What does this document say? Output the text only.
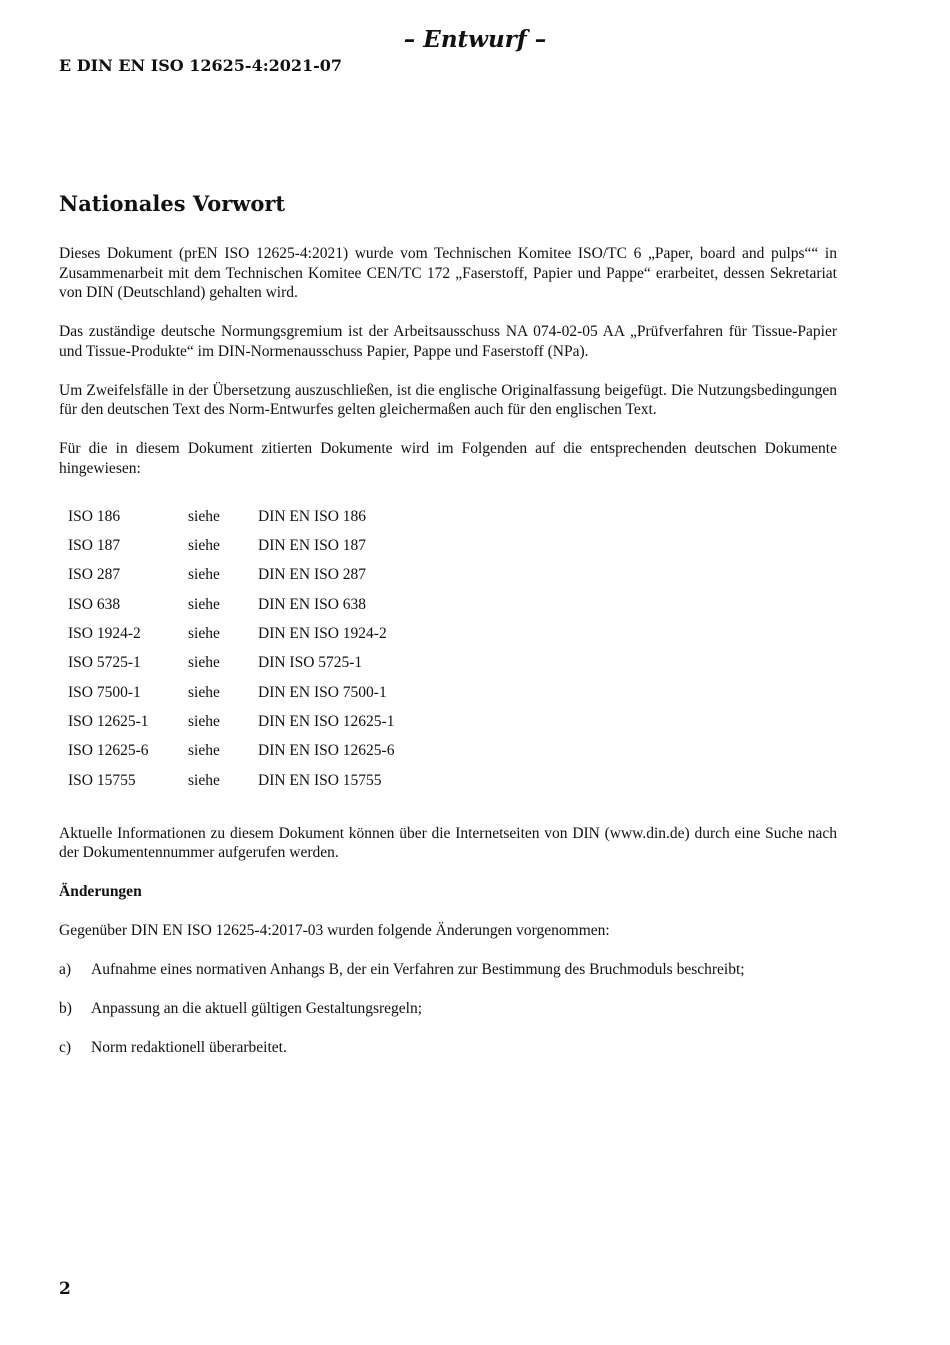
– Entwurf –
E DIN EN ISO 12625-4:2021-07
Nationales Vorwort

Dieses Dokument (prEN ISO 12625-4:2021) wurde vom Technischen Komitee ISO/TC 6 „Paper, board and pulps““ in Zusammenarbeit mit dem Technischen Komitee CEN/TC 172 „Faserstoff, Papier und Pappe“ erarbeitet, dessen Sekretariat von DIN (Deutschland) gehalten wird.

Das zuständige deutsche Normungsgremium ist der Arbeitsausschuss NA 074-02-05 AA „Prüfverfahren für Tissue-Papier und Tissue-Produkte“ im DIN-Normenausschuss Papier, Pappe und Faserstoff (NPa).

Um Zweifelsfälle in der Übersetzung auszuschließen, ist die englische Originalfassung beigefügt. Die Nutzungsbedingungen für den deutschen Text des Norm-Entwurfes gelten gleichermaßen auch für den englischen Text.

Für die in diesem Dokument zitierten Dokumente wird im Folgenden auf die entsprechenden deutschen Dokumente hingewiesen:

ISO 186	siehe	DIN EN ISO 186
ISO 187	siehe	DIN EN ISO 187
ISO 287	siehe	DIN EN ISO 287
ISO 638	siehe	DIN EN ISO 638
ISO 1924-2	siehe	DIN EN ISO 1924-2
ISO 5725-1	siehe	DIN ISO 5725-1
ISO 7500-1	siehe	DIN EN ISO 7500-1
ISO 12625-1	siehe	DIN EN ISO 12625-1
ISO 12625-6	siehe	DIN EN ISO 12625-6
ISO 15755	siehe	DIN EN ISO 15755

Aktuelle Informationen zu diesem Dokument können über die Internetseiten von DIN (www.din.de) durch eine Suche nach der Dokumentennummer aufgerufen werden.

Änderungen

Gegenüber DIN EN ISO 12625-4:2017-03 wurden folgende Änderungen vorgenommen:

a)	Aufnahme eines normativen Anhangs B, der ein Verfahren zur Bestimmung des Bruchmoduls beschreibt;
b)	Anpassung an die aktuell gültigen Gestaltungsregeln;
c)	Norm redaktionell überarbeitet.
2
